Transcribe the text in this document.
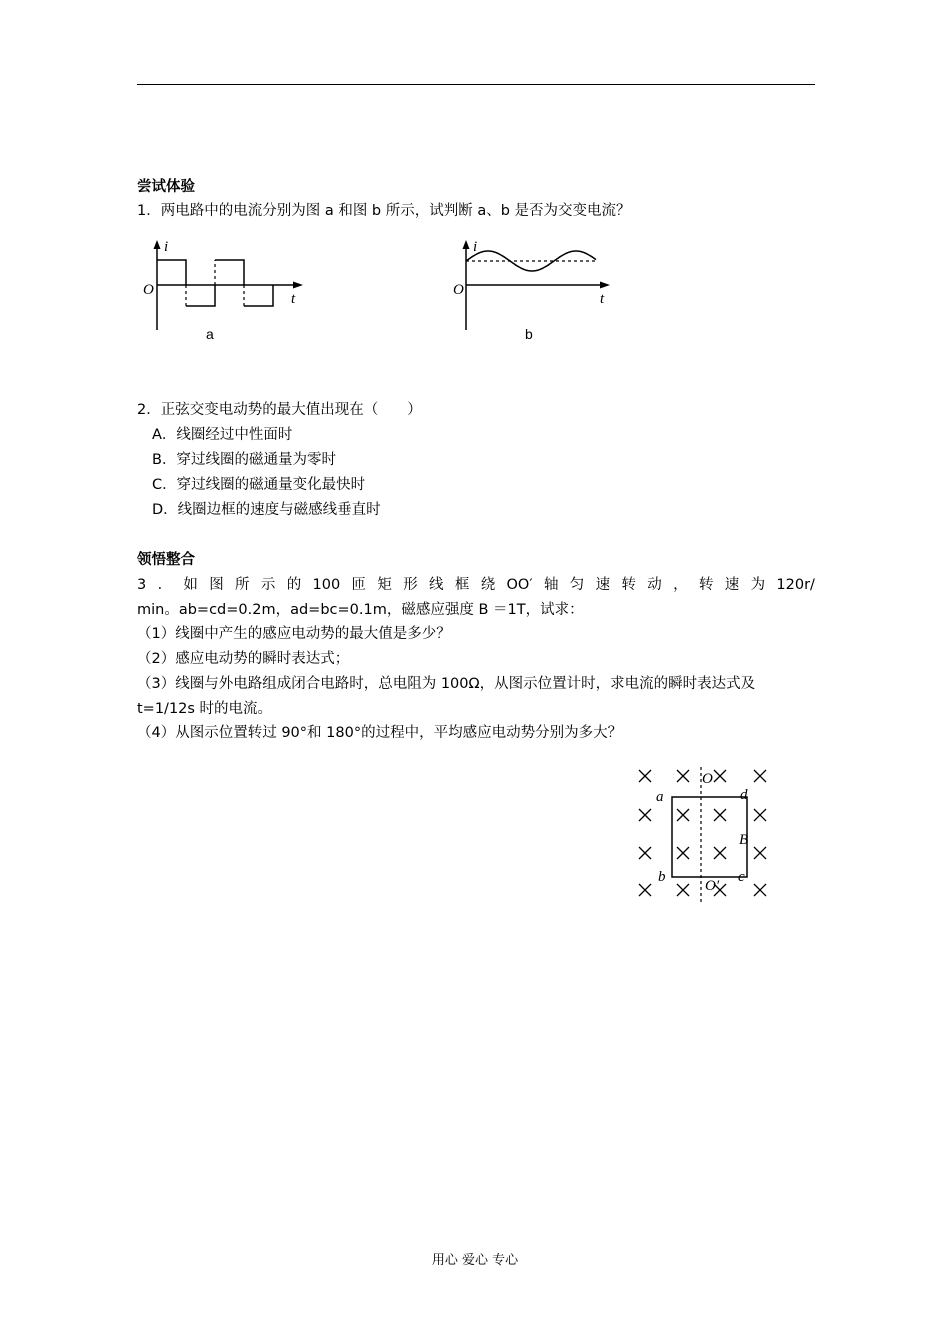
尝试体验
1．两电路中的电流分别为图 a 和图 b 所示，试判断 a、b 是否为交变电流？
i
O
t
a
i
O
t
b
2．正弦交变电动势的最大值出现在（　　）
A．线圈经过中性面时
B．穿过线圈的磁通量为零时
C．穿过线圈的磁通量变化最快时
D．线圈边框的速度与磁感线垂直时
领悟整合
3 ． 如 图 所 示 的 100 匝 矩 形 线 框 绕 OO′ 轴 匀 速 转 动 ， 转 速 为 120r/
min。ab=cd=0.2m，ad=bc=0.1m，磁感应强度 B ＝1T，试求：
（1）线圈中产生的感应电动势的最大值是多少？
（2）感应电动势的瞬时表达式；
（3）线圈与外电路组成闭合电路时，总电阻为 100Ω，从图示位置计时，求电流的瞬时表达式及
t=1/12s 时的电流。
（4）从图示位置转过 90°和 180°的过程中，平均感应电动势分别为多大？
O
O′
a	d
B
b	c
用心 爱心 专心
